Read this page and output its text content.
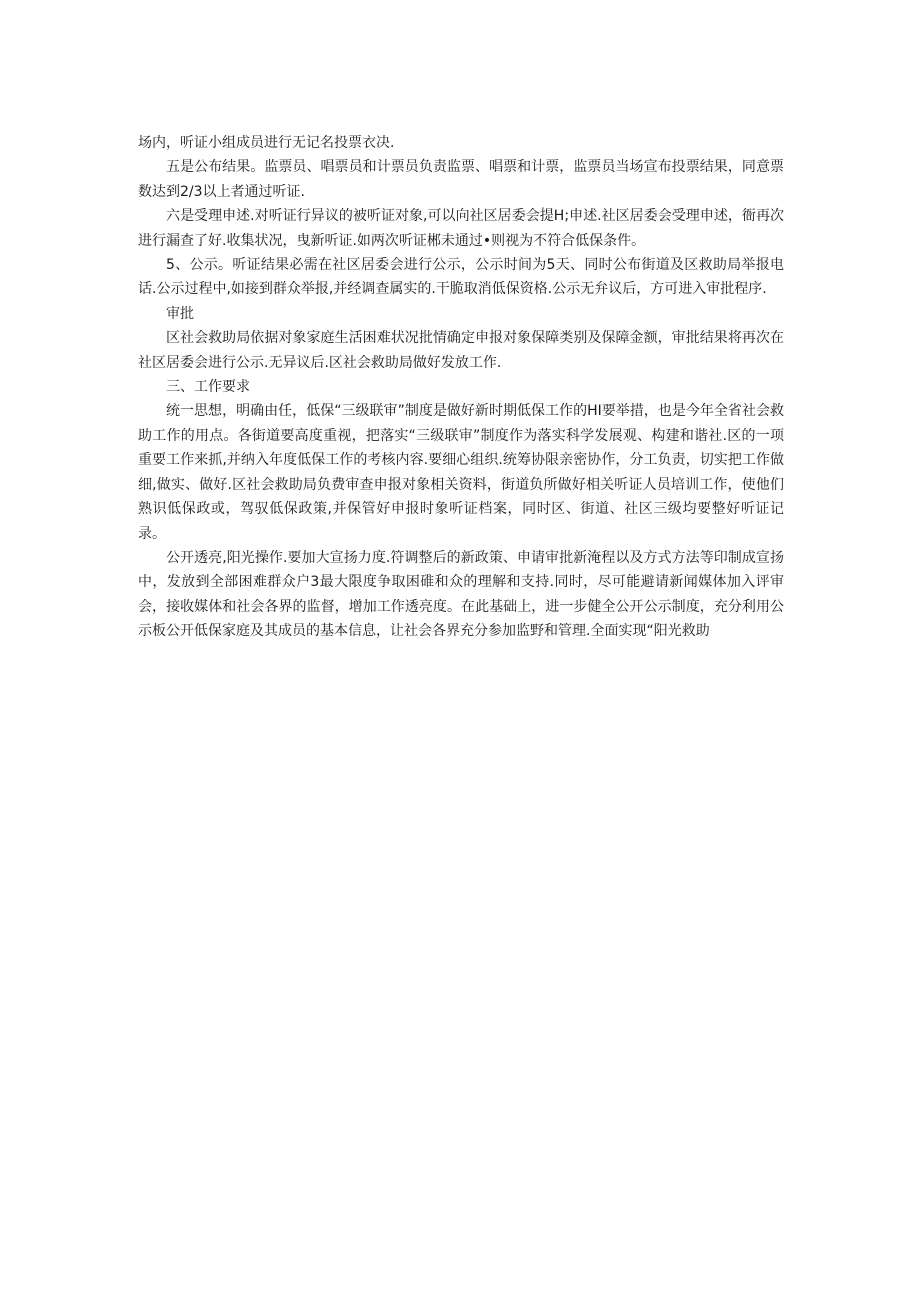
场内，听证小组成员进行无记名投票衣决.

五是公布结果。监票员、唱票员和计票员负责监票、唱票和计票，监票员当场宣布投票结果，同意票数达到2/3以上者通过听证.

六是受理申述.对听证行异议的被听证对象,可以向社区居委会提H;申述.社区居委会受理申述，衙再次进行漏查了好.收集状况，曳新听证.如两次听证郴未通过•则视为不符合低保条件。

5、公示。听证结果必需在社区居委会进行公示，公示时间为5天、同时公布街道及区救助局举报电话.公示过程中,如接到群众举报,并经调查属实的.干脆取消低保资格.公示无弁议后，方可进入审批程序.

审批

区社会救助局依据对象家庭生活困难状况批情确定申报对象保障类别及保障金额，审批结果将再次在社区居委会进行公示.无异议后.区社会救助局做好发放工作.

三、工作要求

统一思想，明确由任，低保“三级联审”制度是做好新时期低保工作的HI要举措，也是今年全省社会救助工作的用点。各街道要高度重视，把落实“三级联审”制度作为落实科学发展观、构建和谐社.区的一项重要工作来抓,并纳入年度低保工作的考核内容.要细心组织.统筹协限亲密协作，分工负责，切实把工作做细,做实、做好.区社会救助局负费审查申报对象相关资料，街道负所做好相关听证人员培训工作，使他们熟识低保政或，驾驭低保政策,并保管好申报时象听证档案，同时区、街道、社区三级均要整好听证记录。

公开透亮,阳光操作.要加大宣扬力度.符调整后的新政策、申请审批新淹程以及方式方法等印制成宣扬中，发放到全部困难群众户3最大限度争取困碓和众的理解和支持.同时，尽可能避请新闻媒体加入评审会，接收媒体和社会各界的监督，增加工作透亮度。在此基础上，进一步健全公开公示制度，充分利用公示板公开低保家庭及其成员的基本信息，让社会各界充分参加监野和管理.全面实现“阳光救助
